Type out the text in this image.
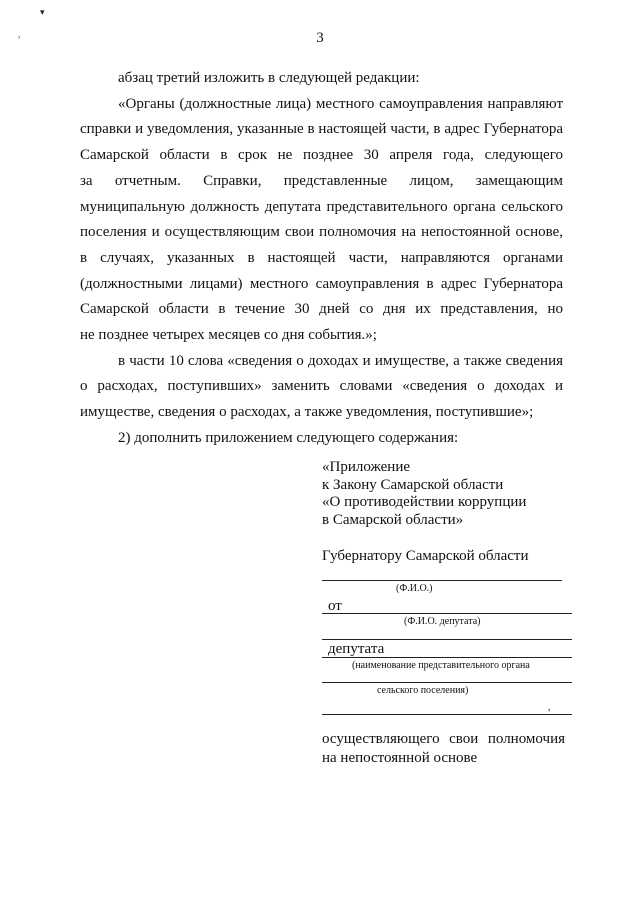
▾
ʾ	3
абзац третий изложить в следующей редакции:
«Органы (должностные лица) местного самоуправления направляют
справки и уведомления, указанные в настоящей части, в адрес Губернатора
Самарской области в срок не позднее 30 апреля года, следующего
за отчетным. Справки, представленные лицом, замещающим
муниципальную должность депутата представительного органа сельского
поселения и осуществляющим свои полномочия на непостоянной основе,
в случаях, указанных в настоящей части, направляются органами
(должностными лицами) местного самоуправления в адрес Губернатора
Самарской области в течение 30 дней со дня их представления, но
не позднее четырех месяцев со дня события.»;
в части 10 слова «сведения о доходах и имуществе, а также сведения
о расходах, поступивших» заменить словами «сведения о доходах и
имуществе, сведения о расходах, а также уведомления, поступившие»;
2) дополнить приложением следующего содержания:
«Приложение
к Закону Самарской области
«О противодействии коррупции
в Самарской области»
Губернатору Самарской области
(Ф.И.О.)
от
(Ф.И.О. депутата)
депутата
(наименование представительного органа
сельского поселения)
,
осуществляющего свои полномочия
на непостоянной основе
